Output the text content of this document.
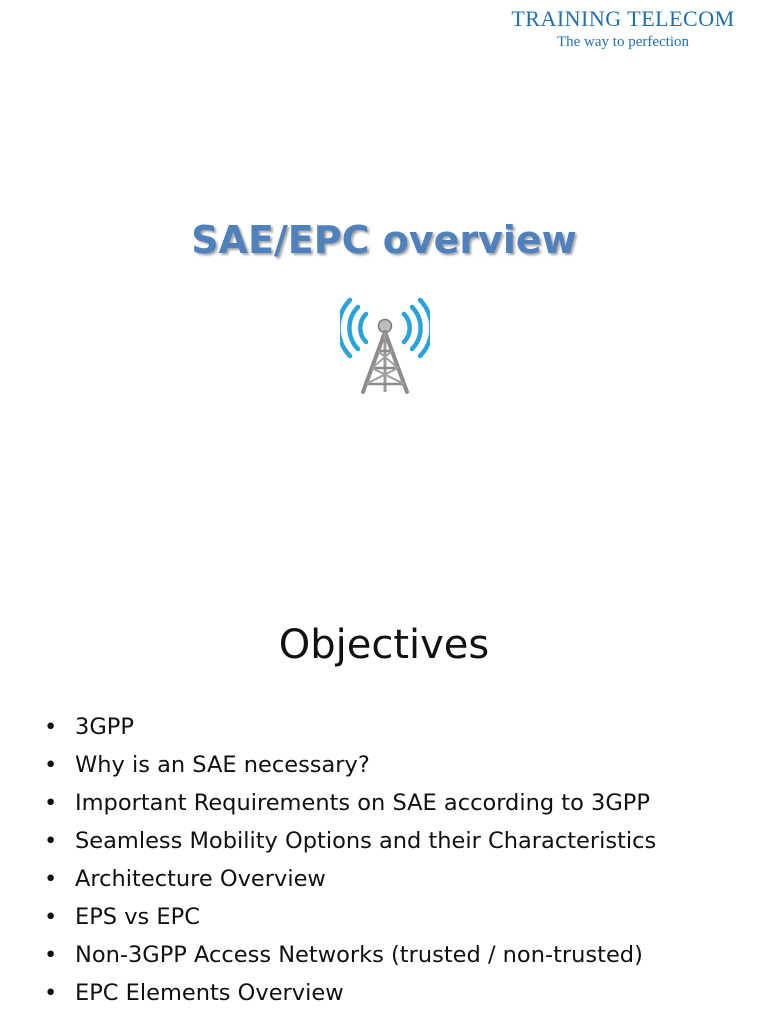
TRAINING TELECOM
The way to perfection
SAE/EPC overview
Objectives
• 3GPP
• Why is an SAE necessary?
• Important Requirements on SAE according to 3GPP
• Seamless Mobility Options and their Characteristics
• Architecture Overview
• EPS vs EPC
• Non-3GPP Access Networks (trusted / non-trusted)
• EPC Elements Overview
